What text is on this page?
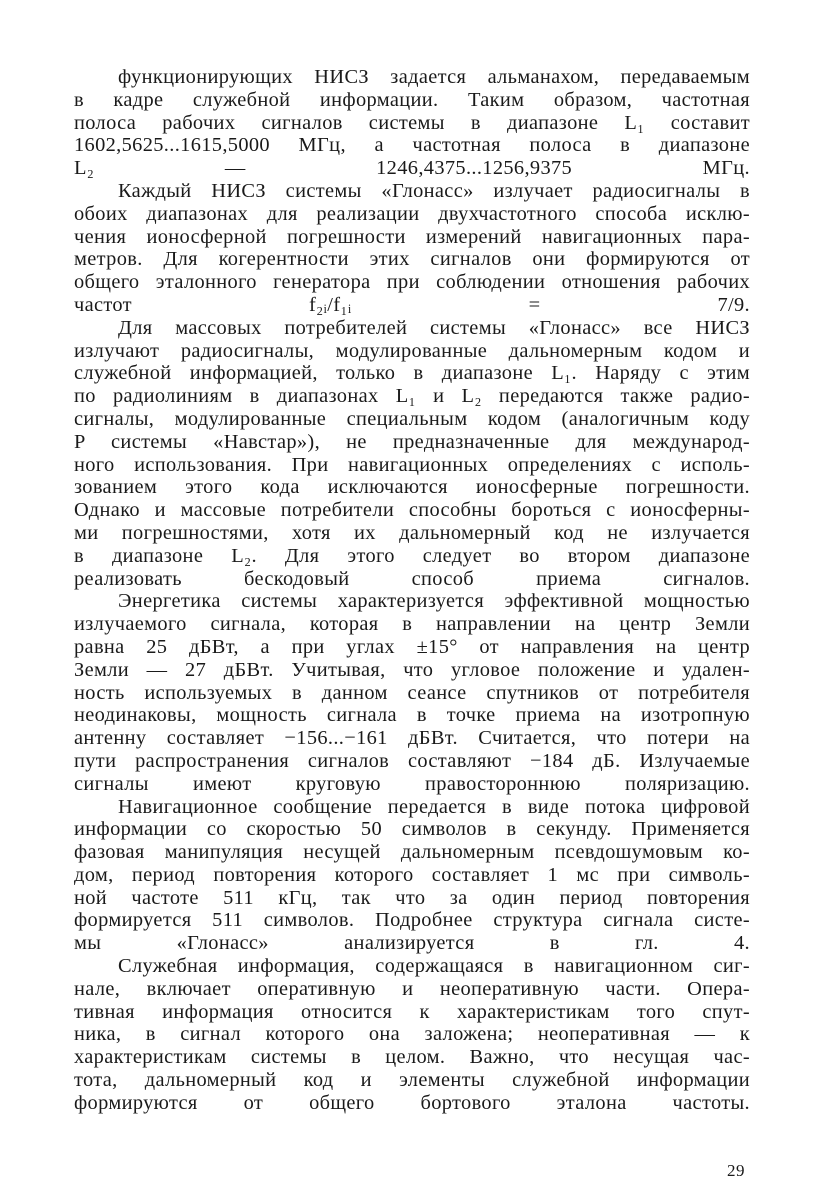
функционирующих НИСЗ задается альманахом, передаваемым
в кадре служебной информации. Таким образом, частотная
полоса рабочих сигналов системы в диапазоне L₁ составит
1602,5625...1615,5000 МГц, а частотная полоса в диапазоне
L₂ — 1246,4375...1256,9375 МГц.
Каждый НИСЗ системы «Глонасс» излучает радиосигналы в
обоих диапазонах для реализации двухчастотного способа исклю-
чения ионосферной погрешности измерений навигационных пара-
метров. Для когерентности этих сигналов они формируются от
общего эталонного генератора при соблюдении отношения рабочих
частот f₂ᵢ/f₁ᵢ = 7/9.
Для массовых потребителей системы «Глонасс» все НИСЗ
излучают радиосигналы, модулированные дальномерным кодом и
служебной информацией, только в диапазоне L₁. Наряду с этим
по радиолиниям в диапазонах L₁ и L₂ передаются также радио-
сигналы, модулированные специальным кодом (аналогичным коду
P системы «Навстар»), не предназначенные для международ-
ного использования. При навигационных определениях с исполь-
зованием этого кода исключаются ионосферные погрешности.
Однако и массовые потребители способны бороться с ионосферны-
ми погрешностями, хотя их дальномерный код не излучается
в диапазоне L₂. Для этого следует во втором диапазоне
реализовать бескодовый способ приема сигналов.
Энергетика системы характеризуется эффективной мощностью
излучаемого сигнала, которая в направлении на центр Земли
равна 25 дБВт, а при углах ±15° от направления на центр
Земли — 27 дБВт. Учитывая, что угловое положение и удален-
ность используемых в данном сеансе спутников от потребителя
неодинаковы, мощность сигнала в точке приема на изотропную
антенну составляет −156...−161 дБВт. Считается, что потери на
пути распространения сигналов составляют −184 дБ. Излучаемые
сигналы имеют круговую правостороннюю поляризацию.
Навигационное сообщение передается в виде потока цифровой
информации со скоростью 50 символов в секунду. Применяется
фазовая манипуляция несущей дальномерным псевдошумовым ко-
дом, период повторения которого составляет 1 мс при символь-
ной частоте 511 кГц, так что за один период повторения
формируется 511 символов. Подробнее структура сигнала систе-
мы «Глонасс» анализируется в гл. 4.
Служебная информация, содержащаяся в навигационном сиг-
нале, включает оперативную и неоперативную части. Опера-
тивная информация относится к характеристикам того спут-
ника, в сигнал которого она заложена; неоперативная — к
характеристикам системы в целом. Важно, что несущая час-
тота, дальномерный код и элементы служебной информации
формируются от общего бортового эталона частоты.
29
